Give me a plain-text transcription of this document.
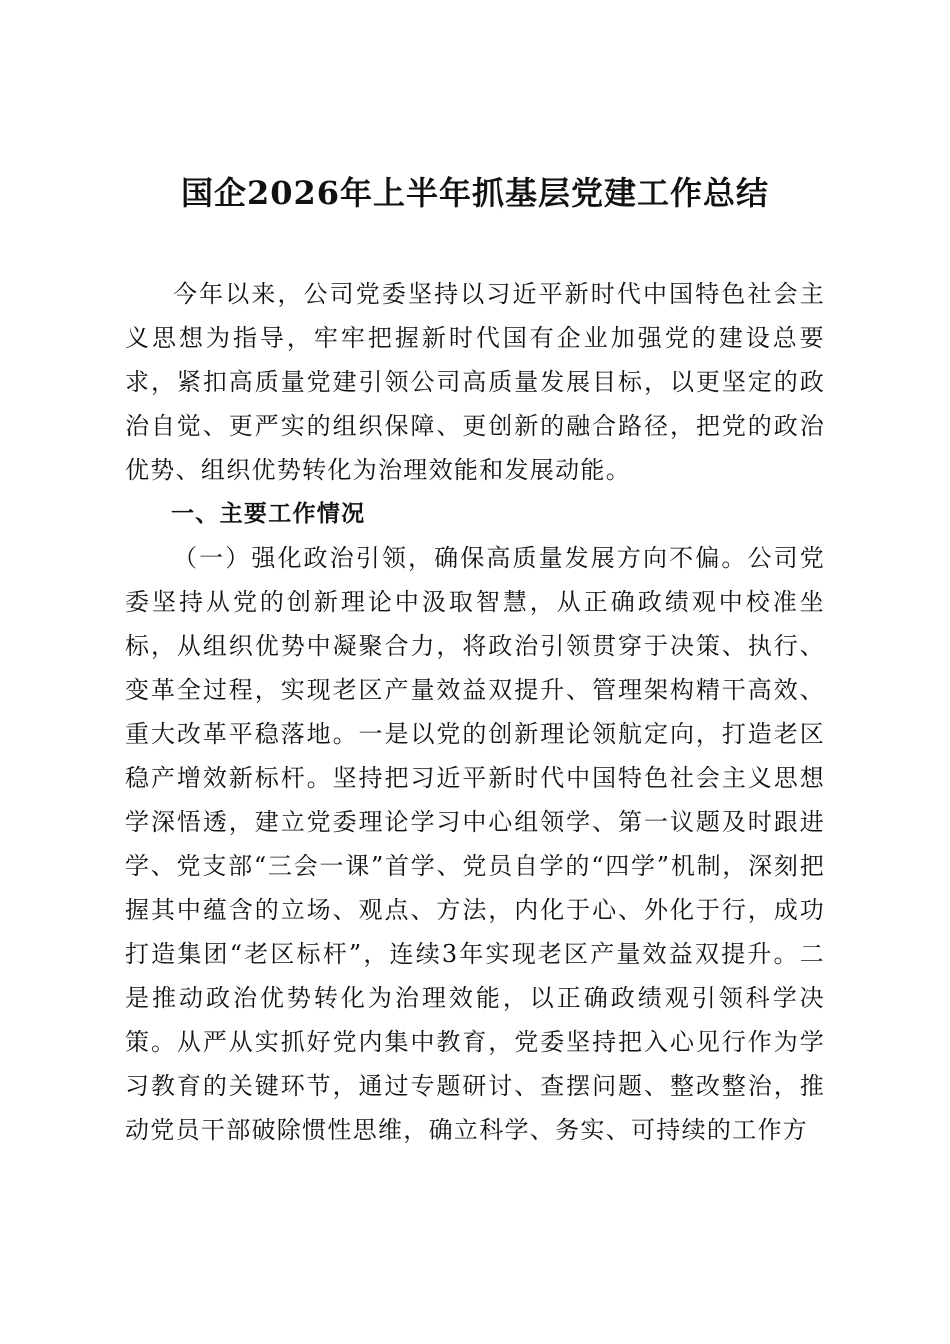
国企2026年上半年抓基层党建工作总结

今年以来，公司党委坚持以习近平新时代中国特色社会主义思想为指导，牢牢把握新时代国有企业加强党的建设总要求，紧扣高质量党建引领公司高质量发展目标，以更坚定的政治自觉、更严实的组织保障、更创新的融合路径，把党的政治优势、组织优势转化为治理效能和发展动能。

一、主要工作情况

（一）强化政治引领，确保高质量发展方向不偏。公司党委坚持从党的创新理论中汲取智慧，从正确政绩观中校准坐标，从组织优势中凝聚合力，将政治引领贯穿于决策、执行、变革全过程，实现老区产量效益双提升、管理架构精干高效、重大改革平稳落地。一是以党的创新理论领航定向，打造老区稳产增效新标杆。坚持把习近平新时代中国特色社会主义思想学深悟透，建立党委理论学习中心组领学、第一议题及时跟进学、党支部“三会一课”首学、党员自学的“四学”机制，深刻把握其中蕴含的立场、观点、方法，内化于心、外化于行，成功打造集团“老区标杆”，连续3年实现老区产量效益双提升。二是推动政治优势转化为治理效能，以正确政绩观引领科学决策。从严从实抓好党内集中教育，党委坚持把入心见行作为学习教育的关键环节，通过专题研讨、查摆问题、整改整治，推动党员干部破除惯性思维，确立科学、务实、可持续的工作方
